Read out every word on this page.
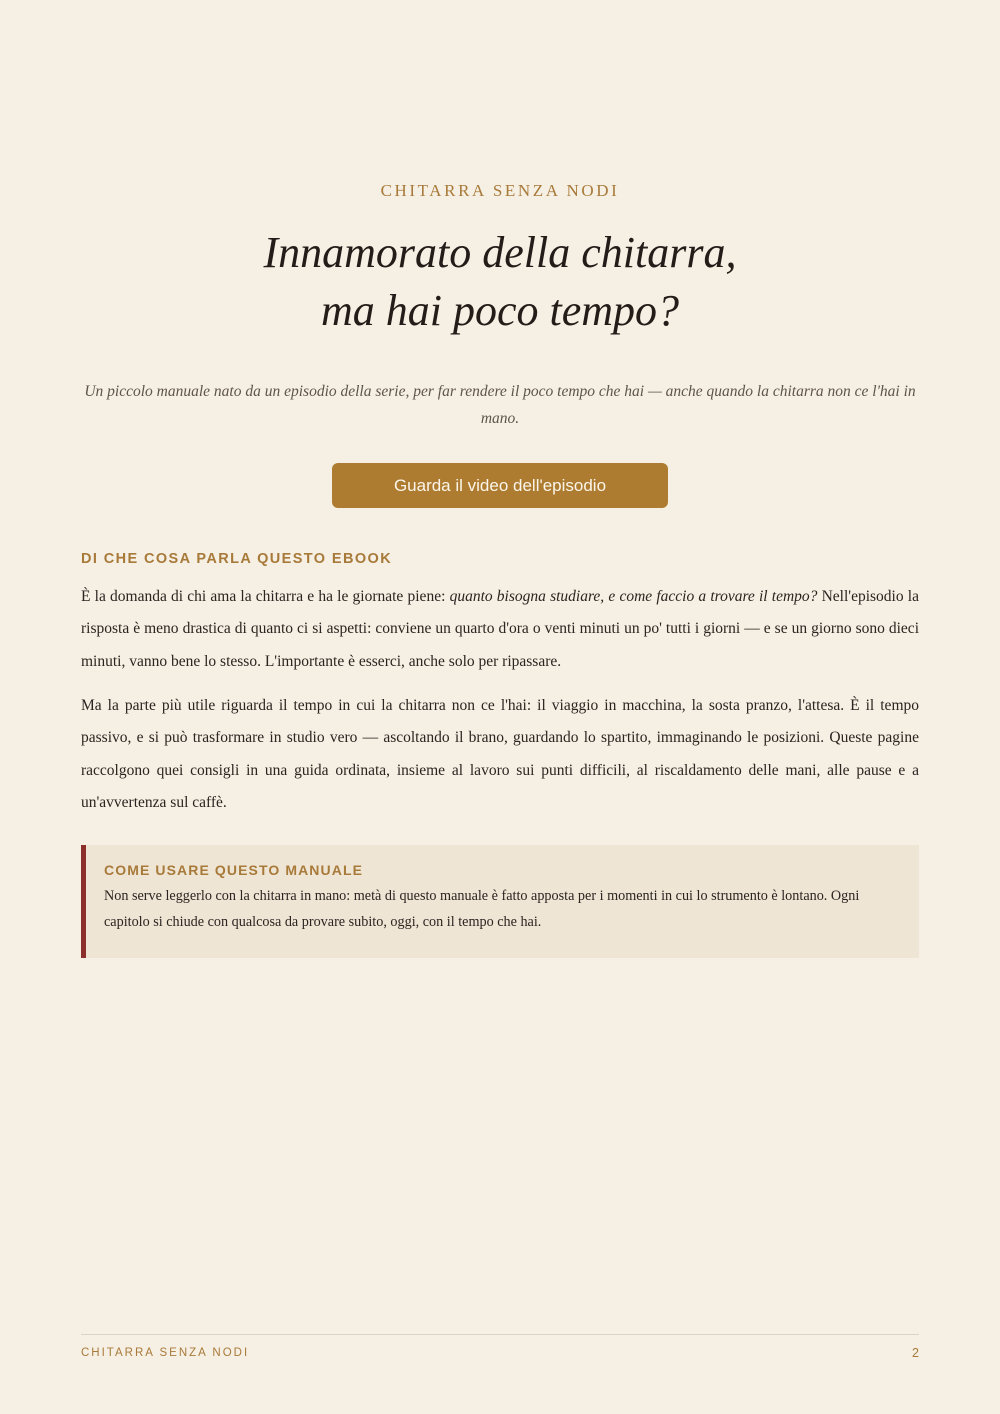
CHITARRA SENZA NODI
Innamorato della chitarra,
ma hai poco tempo?
Un piccolo manuale nato da un episodio della serie, per far rendere il poco tempo che hai — anche quando la chitarra non ce l'hai in mano.
Guarda il video dell'episodio
DI CHE COSA PARLA QUESTO EBOOK

È la domanda di chi ama la chitarra e ha le giornate piene: quanto bisogna studiare, e come faccio a trovare il tempo? Nell'episodio la risposta è meno drastica di quanto ci si aspetti: conviene un quarto d'ora o venti minuti un po' tutti i giorni — e se un giorno sono dieci minuti, vanno bene lo stesso. L'importante è esserci, anche solo per ripassare.

Ma la parte più utile riguarda il tempo in cui la chitarra non ce l'hai: il viaggio in macchina, la sosta pranzo, l'attesa. È il tempo passivo, e si può trasformare in studio vero — ascoltando il brano, guardando lo spartito, immaginando le posizioni. Queste pagine raccolgono quei consigli in una guida ordinata, insieme al lavoro sui punti difficili, al riscaldamento delle mani, alle pause e a un'avvertenza sul caffè.

COME USARE QUESTO MANUALE

Non serve leggerlo con la chitarra in mano: metà di questo manuale è fatto apposta per i momenti in cui lo strumento è lontano. Ogni capitolo si chiude con qualcosa da provare subito, oggi, con il tempo che hai.

CHITARRA SENZA NODI	2
